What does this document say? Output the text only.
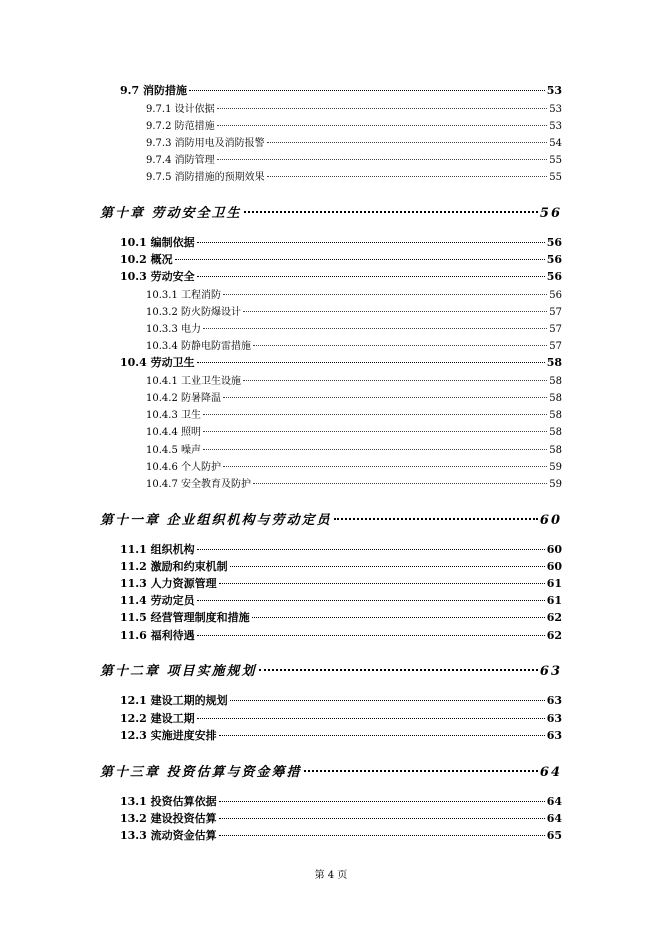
9.7 消防措施	53
9.7.1 设计依据	53
9.7.2 防范措施	53
9.7.3 消防用电及消防报警	54
9.7.4 消防管理	55
9.7.5 消防措施的预期效果	55
第十章 劳动安全卫生	56
10.1 编制依据	56
10.2 概况	56
10.3 劳动安全	56
10.3.1 工程消防	56
10.3.2 防火防爆设计	57
10.3.3 电力	57
10.3.4 防静电防雷措施	57
10.4 劳动卫生	58
10.4.1 工业卫生设施	58
10.4.2 防暑降温	58
10.4.3 卫生	58
10.4.4 照明	58
10.4.5 噪声	58
10.4.6 个人防护	59
10.4.7 安全教育及防护	59
第十一章 企业组织机构与劳动定员	60
11.1 组织机构	60
11.2 激励和约束机制	60
11.3 人力资源管理	61
11.4 劳动定员	61
11.5 经营管理制度和措施	62
11.6 福利待遇	62
第十二章 项目实施规划	63
12.1 建设工期的规划	63
12.2 建设工期	63
12.3 实施进度安排	63
第十三章 投资估算与资金筹措	64
13.1 投资估算依据	64
13.2 建设投资估算	64
13.3 流动资金估算	65
第 4 页
